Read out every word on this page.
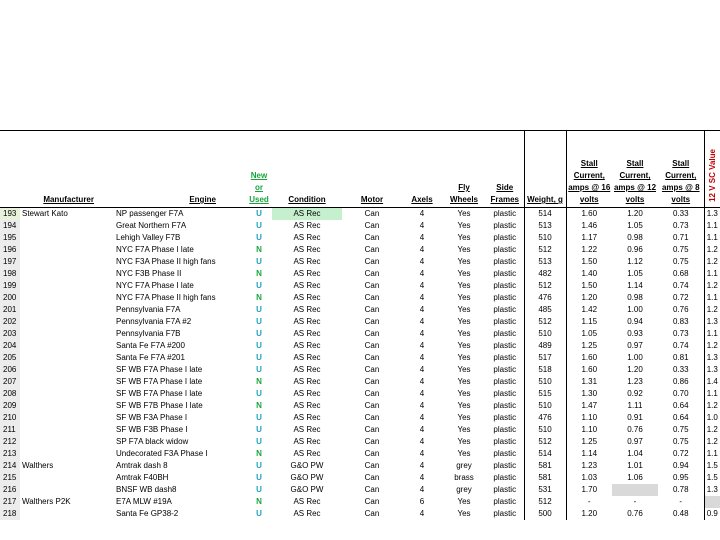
	Manufacturer	Engine	New
or
Used	Condition	Motor	Axels	Fly
Wheels	Side
Frames	Weight, g	Stall
Current,
amps @ 16
volts	Stall
Current,
amps @ 12
volts	Stall
Current,
amps @ 8
volts	12 V SC Value
193	Stewart Kato	NP passenger F7A	U	AS Rec	Can	4	Yes	plastic	514	1.60	1.20	0.33	1.3
194		Great Northern F7A	U	AS Rec	Can	4	Yes	plastic	513	1.46	1.05	0.73	1.1
195		Lehigh Valley F7B	U	AS Rec	Can	4	Yes	plastic	510	1.17	0.98	0.71	1.1
196		NYC F7A Phase I late	N	AS Rec	Can	4	Yes	plastic	512	1.22	0.96	0.75	1.2
197		NYC F3A Phase II high fans	U	AS Rec	Can	4	Yes	plastic	513	1.50	1.12	0.75	1.2
198		NYC F3B Phase II	N	AS Rec	Can	4	Yes	plastic	482	1.40	1.05	0.68	1.1
199		NYC F7A Phase I late	U	AS Rec	Can	4	Yes	plastic	512	1.50	1.14	0.74	1.2
200		NYC F7A Phase II high fans	N	AS Rec	Can	4	Yes	plastic	476	1.20	0.98	0.72	1.1
201		Pennsylvania F7A	U	AS Rec	Can	4	Yes	plastic	485	1.42	1.00	0.76	1.2
202		Pennsylvania F7A #2	U	AS Rec	Can	4	Yes	plastic	512	1.15	0.94	0.83	1.3
203		Pennsylvania F7B	U	AS Rec	Can	4	Yes	plastic	510	1.05	0.93	0.73	1.1
204		Santa Fe F7A #200	U	AS Rec	Can	4	Yes	plastic	489	1.25	0.97	0.74	1.2
205		Santa Fe F7A #201	U	AS Rec	Can	4	Yes	plastic	517	1.60	1.00	0.81	1.3
206		SF WB F7A Phase I late	U	AS Rec	Can	4	Yes	plastic	518	1.60	1.20	0.33	1.3
207		SF WB F7A Phase I late	N	AS Rec	Can	4	Yes	plastic	510	1.31	1.23	0.86	1.4
208		SF WB F7A Phase I late	U	AS Rec	Can	4	Yes	plastic	515	1.30	0.92	0.70	1.1
209		SF WB F7B Phase I late	N	AS Rec	Can	4	Yes	plastic	510	1.47	1.11	0.64	1.2
210		SF WB F3A Phase I	U	AS Rec	Can	4	Yes	plastic	476	1.10	0.91	0.64	1.0
211		SF WB F3B Phase I	U	AS Rec	Can	4	Yes	plastic	510	1.10	0.76	0.75	1.2
212		SP F7A black widow	U	AS Rec	Can	4	Yes	plastic	512	1.25	0.97	0.75	1.2
213		Undecorated F3A Phase I	N	AS Rec	Can	4	Yes	plastic	514	1.14	1.04	0.72	1.1
214	Walthers	Amtrak dash 8	U	G&O PW	Can	4	grey	plastic	581	1.23	1.01	0.94	1.5
215		Amtrak F40BH	U	G&O PW	Can	4	brass	plastic	581	1.03	1.06	0.95	1.5
216		BNSF WB dash8	U	G&O PW	Can	4	grey	plastic	531	1.70		0.78	1.3
217	Walthers P2K	E7A MLW #19A	N	AS Rec	Can	6	Yes	plastic	512	-	-	-	
218		Santa Fe GP38-2	U	AS Rec	Can	4	Yes	plastic	500	1.20	0.76	0.48	0.9
